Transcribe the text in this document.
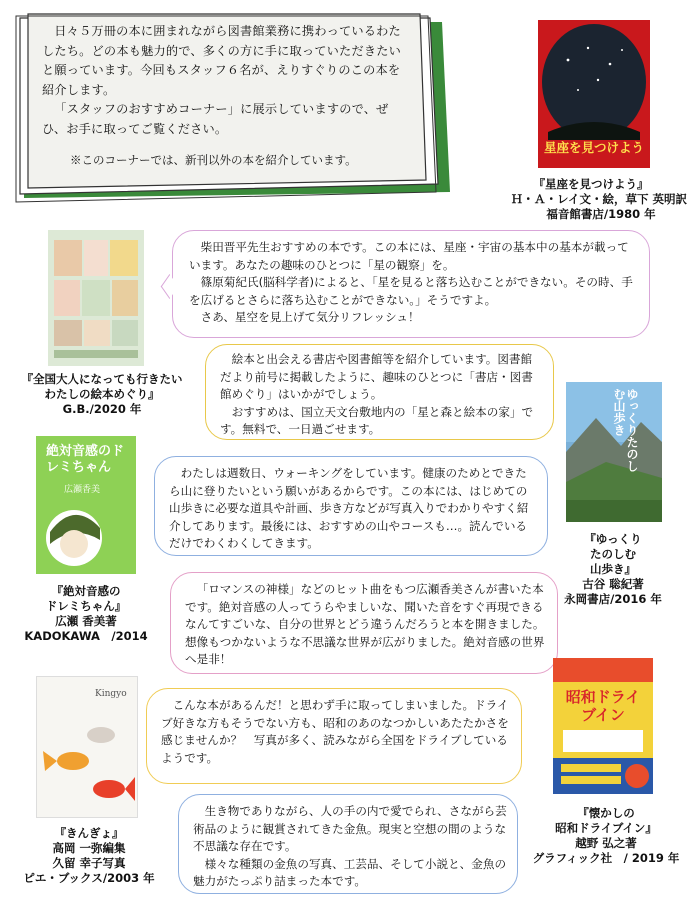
日々５万冊の本に囲まれながら図書館業務に携わっているわたしたち。どの本も魅力的で、多くの方に手に取っていただきたいと願っています。今回もスタッフ６名が、えりすぐりのこの本を紹介します。

「スタッフのおすすめコーナー」に展示していますので、ぜひ、お手に取ってご覧ください。

※このコーナーでは、新刊以外の本を紹介しています。
星座を見つけよう
『星座を見つけよう』
Ｈ・Ａ・レイ文・絵，草下 英明訳
福音館書店/1980 年

柴田晋平先生おすすめの本です。この本には、星座・宇宙の基本中の基本が載っています。あなたの趣味のひとつに「星の観察」を。

篠原菊紀氏(脳科学者)によると、「星を見ると落ち込むことができない。その時、手を広げるとさらに落ち込むことができない。」そうですよ。

さあ、星空を見上げて気分リフレッシュ！

『全国大人になっても行きたい
わたしの絵本めぐり』
G.B./2020 年

絵本と出会える書店や図書館等を紹介しています。図書館だより前号に掲載したように、趣味のひとつに「書店・図書館めぐり」はいかがでしょう。

おすすめは、国立天文台敷地内の「星と森と絵本の家」です。無料で、一日過ごせます。	ゆっくりたのしむ山歩き
『ゆっくり
たのしむ
山歩き』
古谷 聡紀著
永岡書店/2016 年

わたしは週数日、ウォーキングをしています。健康のためとできたら山に登りたいという願いがあるからです。この本には、はじめての山歩きに必要な道具や計画、歩き方などが写真入りでわかりやすく紹介してあります。最後には、おすすめの山やコースも…。読んでいるだけでわくわくしてきます。

絶対音感のドレミちゃん
広瀬香美
『絶対音感の
ドレミちゃん』
広瀬 香美著
KADOKAWA　/2014

「ロマンスの神様」などのヒット曲をもつ広瀬香美さんが書いた本です。絶対音感の人ってうらやましいな、聞いた音をすぐ再現できるなんてすごいな、自分の世界とどう違うんだろうと本を開きました。想像もつかないような不思議な世界が広がりました。絶対音感の世界へ是非！

昭和ドライブイン
『懐かしの
昭和ドライブイン』
越野 弘之著
グラフィック社　/ 2019 年

こんな本があるんだ！と思わず手に取ってしまいました。ドライブ好きな方もそうでない方も、昭和のあのなつかしいあたたかさを感じませんか？　写真が多く、読みながら全国をドライブしているようです。

Kingyo
『きんぎょ』
高岡 一弥編集
久留 幸子写真
ピエ・ブックス/2003 年

生き物でありながら、人の手の内で愛でられ、さながら芸術品のように観賞されてきた金魚。現実と空想の間のような不思議な存在です。

様々な種類の金魚の写真、工芸品、そして小説と、金魚の魅力がたっぷり詰まった本です。
